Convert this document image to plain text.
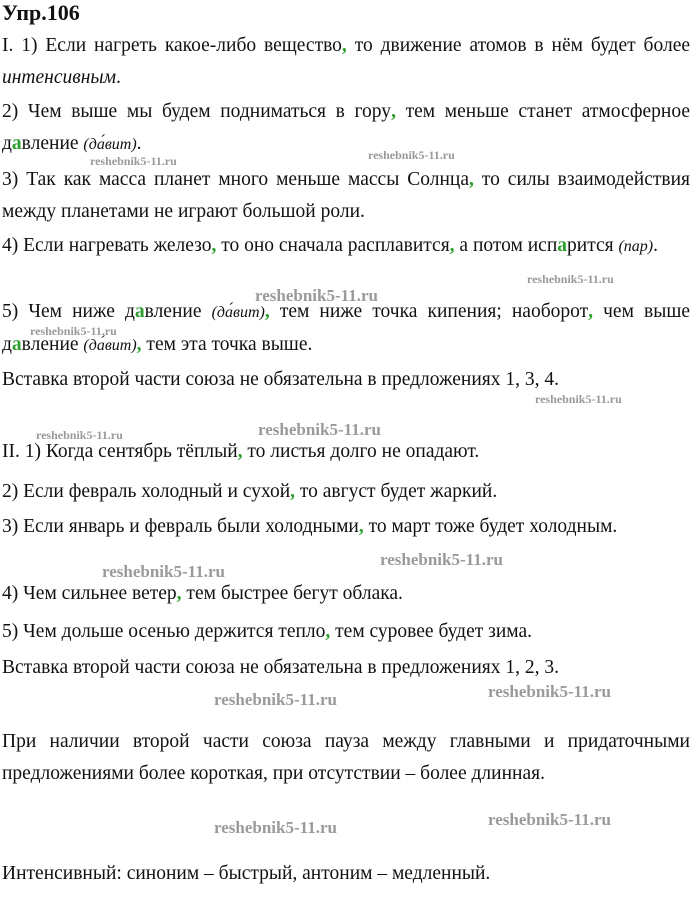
Упр.106
I. 1) Если нагреть какое-либо вещество, то движение атомов в нём будет более интенсивным.
2) Чем выше мы будем подниматься в гору, тем меньше станет атмосферное давление (да́вит).
3) Так как масса планет много меньше массы Солнца, то силы взаимодействия между планетами не играют большой роли.
4) Если нагревать железо, то оно сначала расплавится, а потом испарится (пар).
5) Чем ниже давление (да́вит), тем ниже точка кипения; наоборот, чем выше давление (да́вит), тем эта точка выше.
Вставка второй части союза не обязательна в предложениях 1, 3, 4.
II. 1) Когда сентябрь тёплый, то листья долго не опадают.
2) Если февраль холодный и сухой, то август будет жаркий.
3) Если январь и февраль были холодными, то март тоже будет холодным.
4) Чем сильнее ветер, тем быстрее бегут облака.
5) Чем дольше осенью держится тепло, тем суровее будет зима.
Вставка второй части союза не обязательна в предложениях 1, 2, 3.
При наличии второй части союза пауза между главными и придаточными предложениями более короткая, при отсутствии – более длинная.
Интенсивный: синоним – быстрый, антоним – медленный.
reshebnik5-11.ru	reshebnik5-11.ru
reshebnik5-11.ru
reshebnik5-11.ru
reshebnik5-11.ru
reshebnik5-11.ru
reshebnik5-11.ru	reshebnik5-11.ru
reshebnik5-11.ru
reshebnik5-11.ru
reshebnik5-11.ru	reshebnik5-11.ru
reshebnik5-11.ru	reshebnik5-11.ru
